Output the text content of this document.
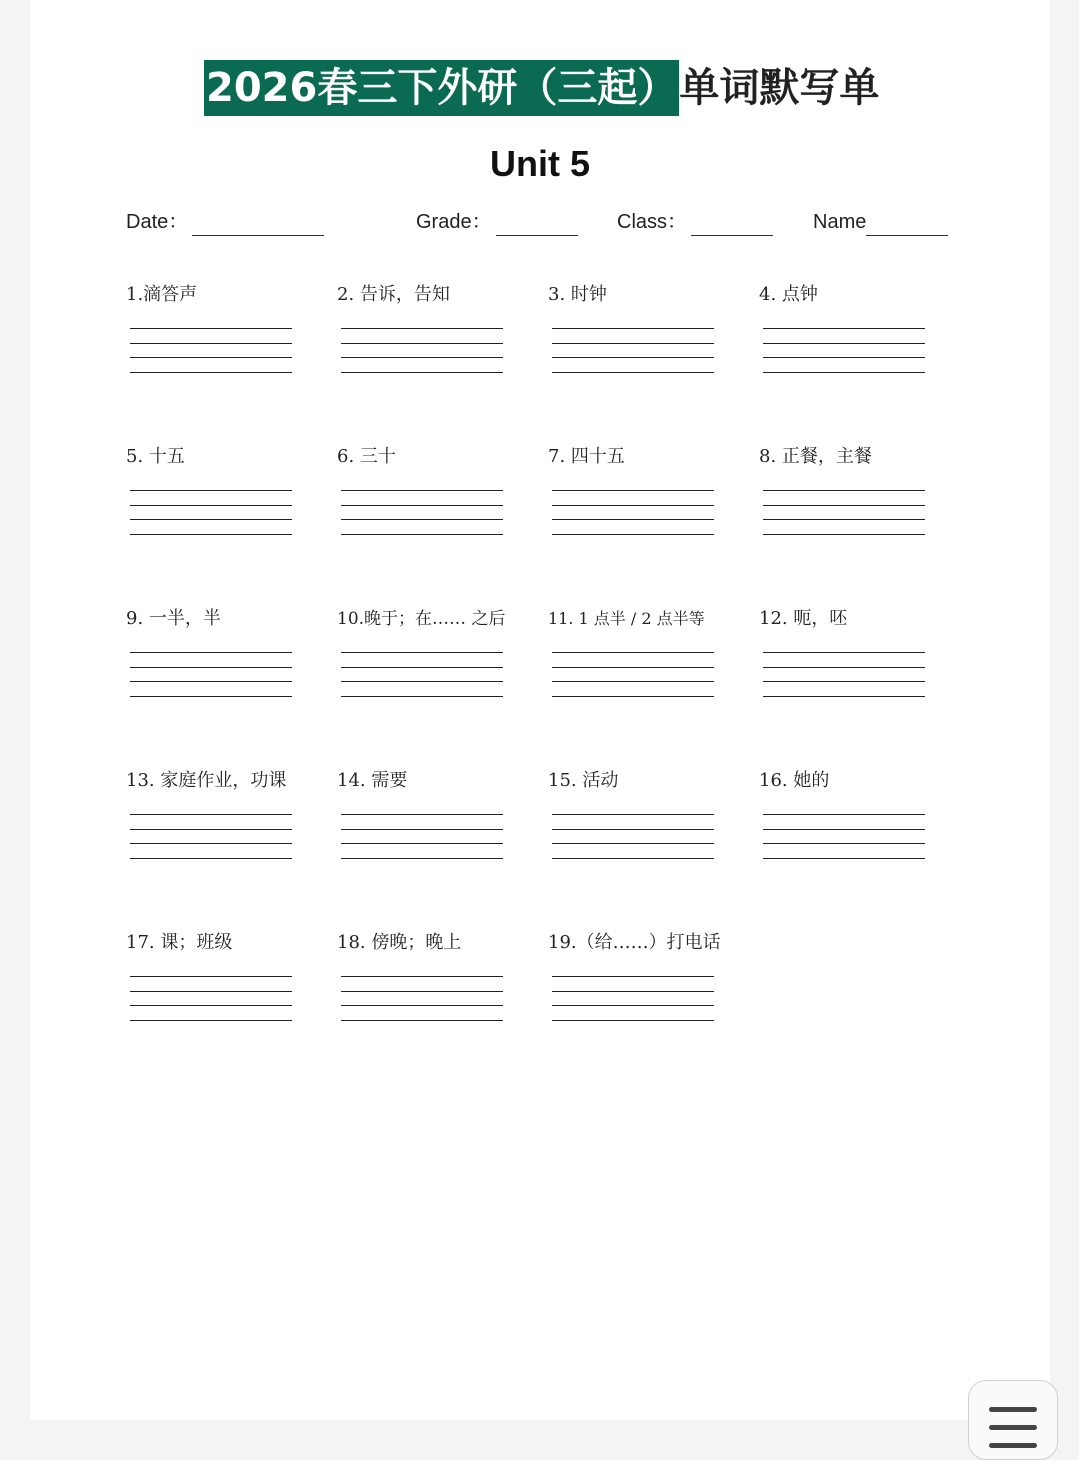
2026春三下外研（三起） 单词默写单
Unit 5
Date：	Grade：	Class：	Name
1.滴答声	2. 告诉，告知	3. 时钟	4. 点钟
5. 十五	6. 三十	7. 四十五	8. 正餐，主餐
9. 一半，半	10.晚于；在…… 之后	11. 1 点半 / 2 点半等	12. 呃，呸
13. 家庭作业，功课	14. 需要	15. 活动	16. 她的
17. 课；班级	18. 傍晚；晚上	19.（给……）打电话
